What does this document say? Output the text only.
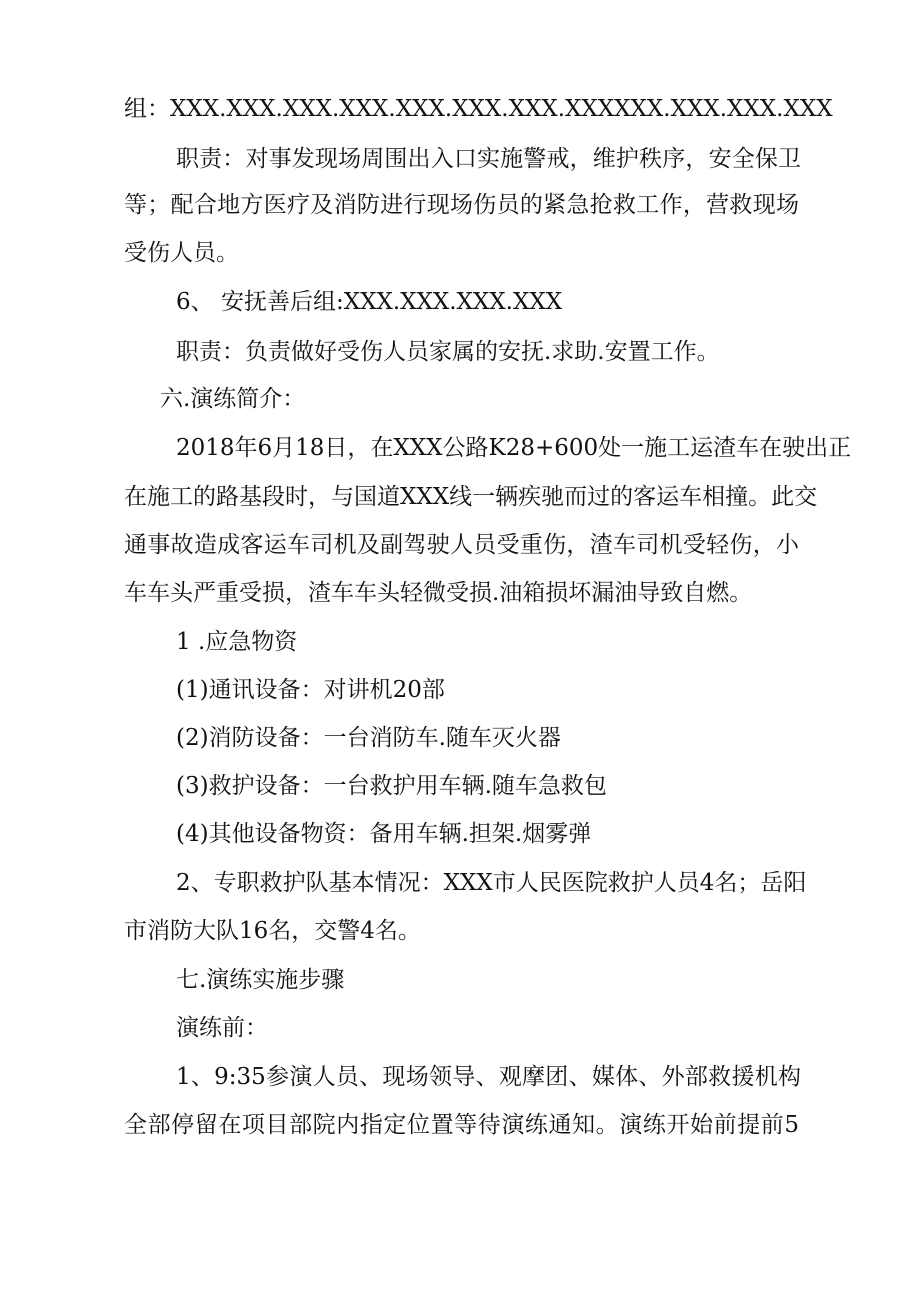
组：XXX.XXX.XXX.XXX.XXX.XXX.XXX.XXXXXX.XXX.XXX.XXX

职责：对事发现场周围出入口实施警戒，维护秩序，安全保卫

等；配合地方医疗及消防进行现场伤员的紧急抢救工作，营救现场

受伤人员。

6、 安抚善后组:XXX.XXX.XXX.XXX

职责：负责做好受伤人员家属的安抚.求助.安置工作。

六.演练简介：

2018年6月18日，在XXX公路K28+600处一施工运渣车在驶出正

在施工的路基段时，与国道XXX线一辆疾驰而过的客运车相撞。此交

通事故造成客运车司机及副驾驶人员受重伤，渣车司机受轻伤，小

车车头严重受损，渣车车头轻微受损.油箱损坏漏油导致自燃。

1 .应急物资

(1)通讯设备：对讲机20部

(2)消防设备：一台消防车.随车灭火器

(3)救护设备：一台救护用车辆.随车急救包

(4)其他设备物资：备用车辆.担架.烟雾弹

2、专职救护队基本情况：XXX市人民医院救护人员4名；岳阳

市消防大队16名，交警4名。

七.演练实施步骤

演练前：

1、9:35参演人员、现场领导、观摩团、媒体、外部救援机构

全部停留在项目部院内指定位置等待演练通知。演练开始前提前5
